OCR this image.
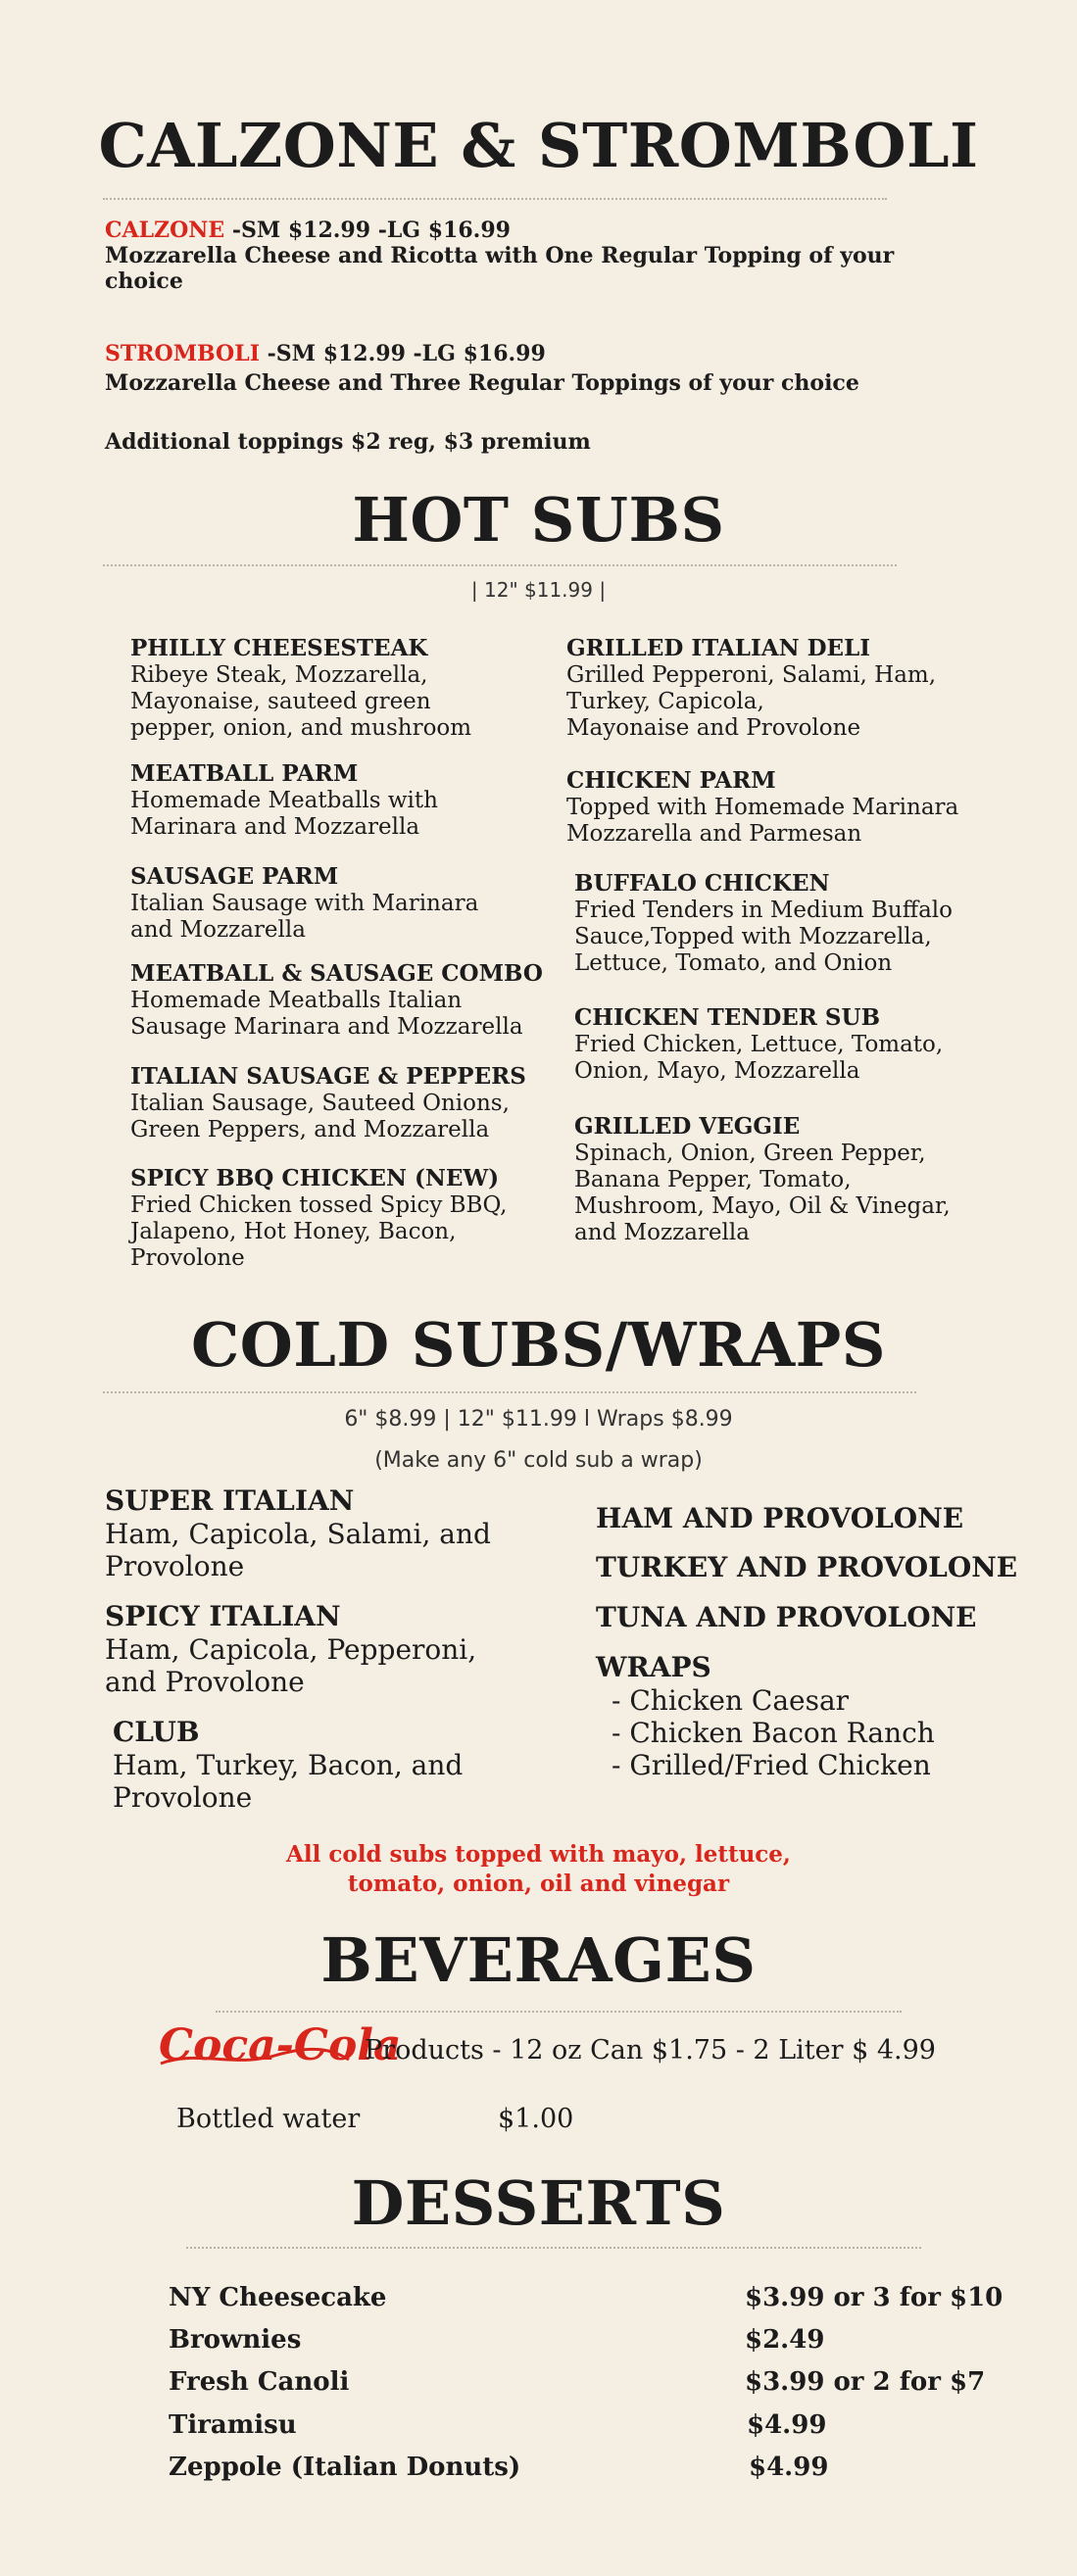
CALZONE & STROMBOLI
CALZONE -SM $12.99 -LG $16.99
Mozzarella Cheese and Ricotta with One Regular Topping of your choice
STROMBOLI -SM $12.99 -LG $16.99
Mozzarella Cheese and Three Regular Toppings of your choice
Additional toppings $2 reg, $3 premium
HOT SUBS
| 12" $11.99 |
PHILLY CHEESESTEAK
Ribeye Steak, Mozzarella,
Mayonaise, sauteed green
pepper, onion, and mushroom
MEATBALL PARM
Homemade Meatballs with
Marinara and Mozzarella
SAUSAGE PARM
Italian Sausage with Marinara
and Mozzarella
MEATBALL & SAUSAGE COMBO
Homemade Meatballs Italian
Sausage Marinara and Mozzarella
ITALIAN SAUSAGE & PEPPERS
Italian Sausage, Sauteed Onions,
Green Peppers, and Mozzarella
SPICY BBQ CHICKEN (NEW)
Fried Chicken tossed Spicy BBQ,
Jalapeno, Hot Honey, Bacon,
Provolone
GRILLED ITALIAN DELI
Grilled Pepperoni, Salami, Ham,
Turkey, Capicola,
Mayonaise and Provolone
CHICKEN PARM
Topped with Homemade Marinara
Mozzarella and Parmesan
BUFFALO CHICKEN
Fried Tenders in Medium Buffalo
Sauce,Topped with Mozzarella,
Lettuce, Tomato, and Onion
CHICKEN TENDER SUB
Fried Chicken, Lettuce, Tomato,
Onion, Mayo, Mozzarella
GRILLED VEGGIE
Spinach, Onion, Green Pepper,
Banana Pepper, Tomato,
Mushroom, Mayo, Oil & Vinegar,
and Mozzarella
COLD SUBS/WRAPS
6" $8.99 | 12" $11.99 l Wraps $8.99
(Make any 6" cold sub a wrap)
SUPER ITALIAN
Ham, Capicola, Salami, and
Provolone
SPICY ITALIAN
Ham, Capicola, Pepperoni,
and Provolone
CLUB
Ham, Turkey, Bacon, and
Provolone
HAM AND PROVOLONE
TURKEY AND PROVOLONE
TUNA AND PROVOLONE
WRAPS
- Chicken Caesar
- Chicken Bacon Ranch
- Grilled/Fried Chicken
All cold subs topped with mayo, lettuce,
tomato, onion, oil and vinegar
BEVERAGES
Coca-Cola
Products - 12 oz Can $1.75 - 2 Liter $ 4.99
Bottled water	$1.00
DESSERTS
NY Cheesecake	$3.99 or 3 for $10
Brownies	$2.49
Fresh Canoli	$3.99 or 2 for $7
Tiramisu	$4.99
Zeppole (Italian Donuts)	$4.99
